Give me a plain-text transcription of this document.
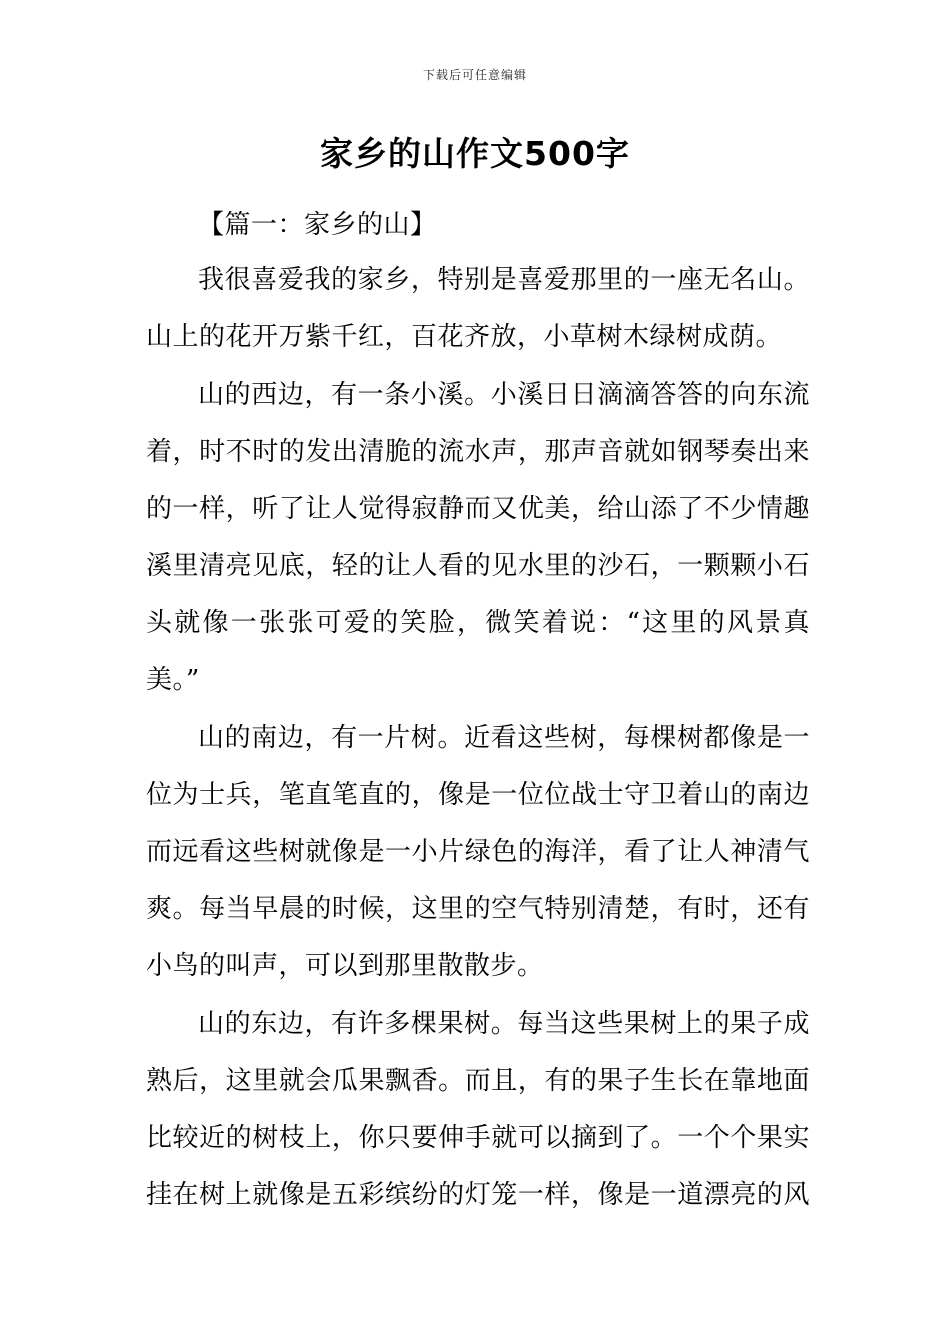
下载后可任意编辑
家乡的山作文500字
【篇一：家乡的山】
我很喜爱我的家乡，特别是喜爱那里的一座无名山。
山上的花开万紫千红，百花齐放，小草树木绿树成荫。
山的西边，有一条小溪。小溪日日滴滴答答的向东流
着，时不时的发出清脆的流水声，那声音就如钢琴奏出来
的一样，听了让人觉得寂静而又优美，给山添了不少情趣
溪里清亮见底，轻的让人看的见水里的沙石，一颗颗小石
头就像一张张可爱的笑脸，微笑着说：“这里的风景真
美。”
山的南边，有一片树。近看这些树，每棵树都像是一
位为士兵，笔直笔直的，像是一位位战士守卫着山的南边
而远看这些树就像是一小片绿色的海洋，看了让人神清气
爽。每当早晨的时候，这里的空气特别清楚，有时，还有
小鸟的叫声，可以到那里散散步。
山的东边，有许多棵果树。每当这些果树上的果子成
熟后，这里就会瓜果飘香。而且，有的果子生长在靠地面
比较近的树枝上，你只要伸手就可以摘到了。一个个果实
挂在树上就像是五彩缤纷的灯笼一样，像是一道漂亮的风
